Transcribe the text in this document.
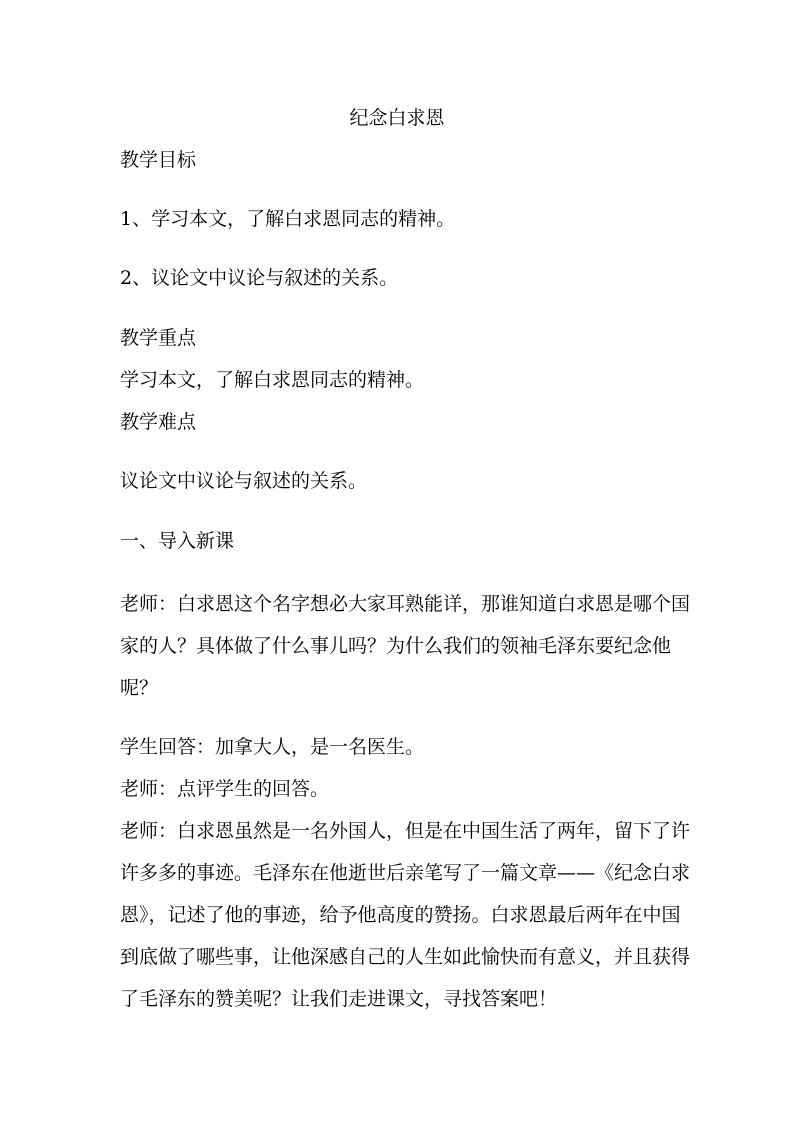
纪念白求恩
教学目标
1、学习本文，了解白求恩同志的精神。
2、议论文中议论与叙述的关系。
教学重点
学习本文，了解白求恩同志的精神。
教学难点
议论文中议论与叙述的关系。
一、导入新课
老师：白求恩这个名字想必大家耳熟能详，那谁知道白求恩是哪个国
家的人？具体做了什么事儿吗？为什么我们的领袖毛泽东要纪念他
呢？
学生回答：加拿大人，是一名医生。
老师：点评学生的回答。
老师：白求恩虽然是一名外国人，但是在中国生活了两年，留下了许
许多多的事迹。毛泽东在他逝世后亲笔写了一篇文章——《纪念白求
恩》，记述了他的事迹，给予他高度的赞扬。白求恩最后两年在中国
到底做了哪些事，让他深感自己的人生如此愉快而有意义，并且获得
了毛泽东的赞美呢？让我们走进课文，寻找答案吧！
